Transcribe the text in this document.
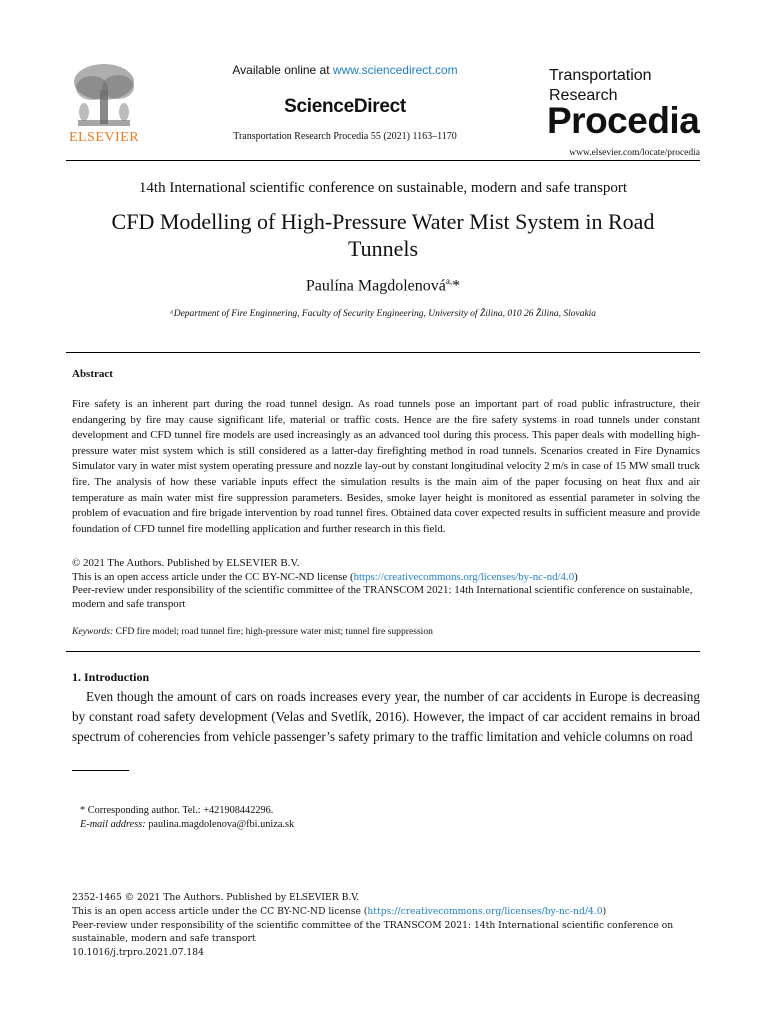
ELSEVIER
Available online at www.sciencedirect.com
ScienceDirect
Transportation Research Procedia 55 (2021) 1163–1170
Transportation
Research
Procedia
www.elsevier.com/locate/procedia
14th International scientific conference on sustainable, modern and safe transport
CFD Modelling of High-Pressure Water Mist System in Road Tunnels
Paulína Magdolenová$^{a,}$*
ᵃDepartment of Fire Enginnering, Faculty of Security Engineering, University of Žilina, 010 26 Žilina, Slovakia
Abstract
Fire safety is an inherent part during the road tunnel design. As road tunnels pose an important part of road public infrastructure, their endangering by fire may cause significant life, material or traffic costs. Hence are the fire safety systems in road tunnels under constant development and CFD tunnel fire models are used increasingly as an advanced tool during this process. This paper deals with modelling high-pressure water mist system which is still considered as a latter-day firefighting method in road tunnels. Scenarios created in Fire Dynamics Simulator vary in water mist system operating pressure and nozzle lay-out by constant longitudinal velocity 2 m/s in case of 15 MW small truck fire. The analysis of how these variable inputs effect the simulation results is the main aim of the paper focusing on heat flux and air temperature as main water mist fire suppression parameters. Besides, smoke layer height is monitored as essential parameter in solving the problem of evacuation and fire brigade intervention by road tunnel fires. Obtained data cover expected results in sufficient measure and provide foundation of CFD tunnel fire modelling application and further research in this field.
© 2021 The Authors. Published by ELSEVIER B.V.
This is an open access article under the CC BY-NC-ND license (https://creativecommons.org/licenses/by-nc-nd/4.0)
Peer-review under responsibility of the scientific committee of the TRANSCOM 2021: 14th International scientific conference on sustainable, modern and safe transport
Keywords: CFD fire model; road tunnel fire; high-pressure water mist; tunnel fire suppression
1. Introduction
Even though the amount of cars on roads increases every year, the number of car accidents in Europe is decreasing by constant road safety development (Velas and Svetlík, 2016). However, the impact of car accident remains in broad spectrum of coherencies from vehicle passenger’s safety primary to the traffic limitation and vehicle columns on road
* Corresponding author. Tel.: +421908442296.
E-mail address: paulina.magdolenova@fbi.uniza.sk
2352-1465 © 2021 The Authors. Published by ELSEVIER B.V.
This is an open access article under the CC BY-NC-ND license (https://creativecommons.org/licenses/by-nc-nd/4.0)
Peer-review under responsibility of the scientific committee of the TRANSCOM 2021: 14th International scientific conference on sustainable, modern and safe transport
10.1016/j.trpro.2021.07.184
